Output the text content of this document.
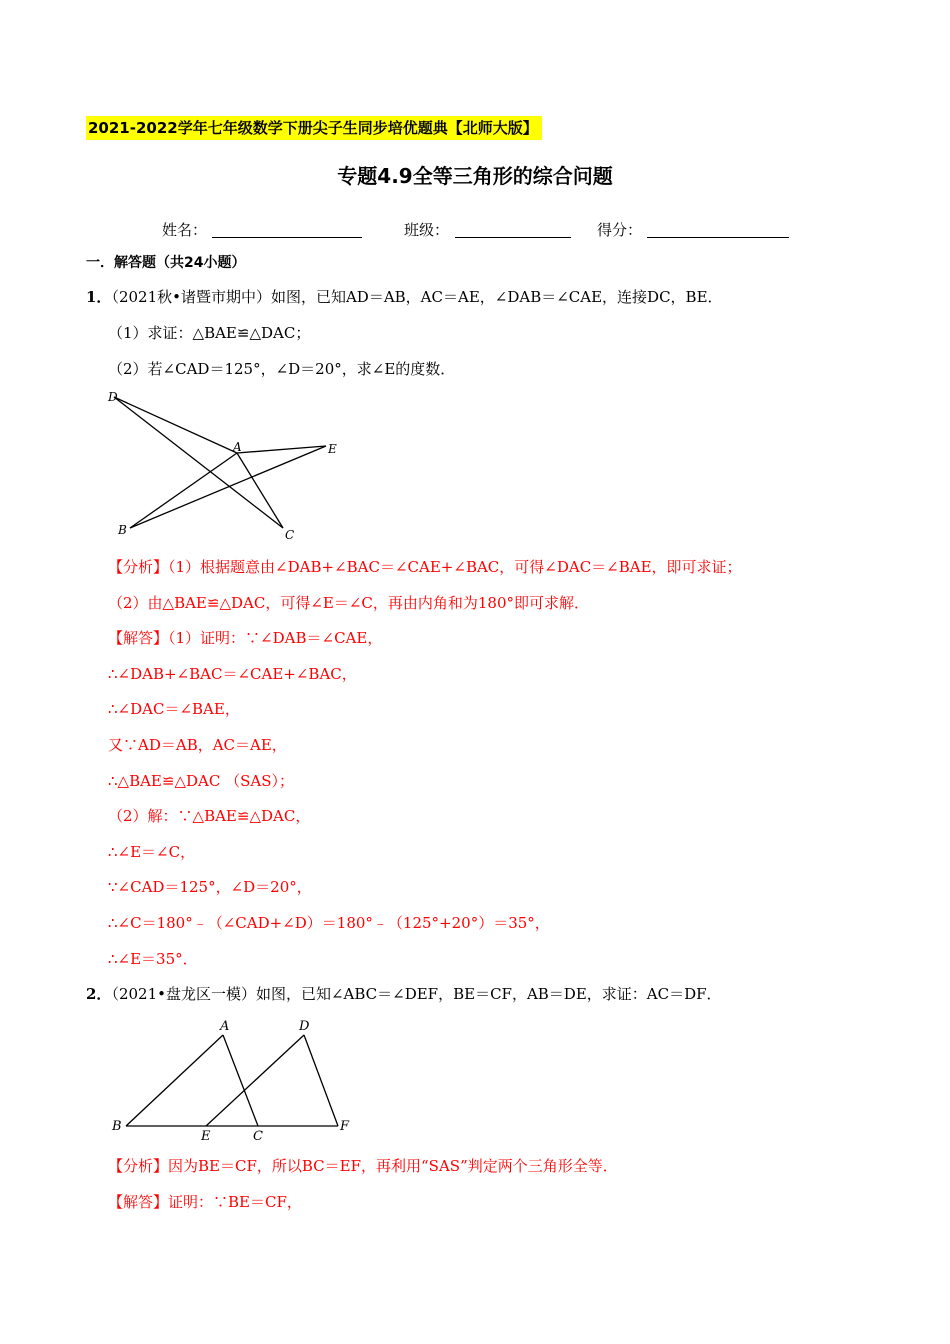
2021-2022学年七年级数学下册尖子生同步培优题典【北师大版】
专题4.9全等三角形的综合问题
姓名：	班级：	得分：
一．解答题（共24小题）
1．（2021秋•诸暨市期中）如图，已知AD＝AB，AC＝AE，∠DAB＝∠CAE，连接DC，BE．
（1）求证：△BAE≌△DAC；
（2）若∠CAD＝125°，∠D＝20°，求∠E的度数．
D
A	E
B	C
【分析】（1）根据题意由∠DAB+∠BAC＝∠CAE+∠BAC，可得∠DAC＝∠BAE，即可求证；
（2）由△BAE≌△DAC，可得∠E＝∠C，再由内角和为180°即可求解．
【解答】（1）证明：∵∠DAB＝∠CAE，
∴∠DAB+∠BAC＝∠CAE+∠BAC，
∴∠DAC＝∠BAE，
又∵AD＝AB，AC＝AE，
∴△BAE≌△DAC （SAS）；
（2）解：∵△BAE≌△DAC，
∴∠E＝∠C，
∵∠CAD＝125°，∠D＝20°，
∴∠C＝180°﹣（∠CAD+∠D）＝180°﹣（125°+20°）＝35°，
∴∠E＝35°．
2．（2021•盘龙区一模）如图，已知∠ABC＝∠DEF，BE＝CF，AB＝DE，求证：AC＝DF．
A	D
B
E	C
F
【分析】因为BE＝CF，所以BC＝EF，再利用“SAS”判定两个三角形全等．
【解答】证明：∵BE＝CF，
